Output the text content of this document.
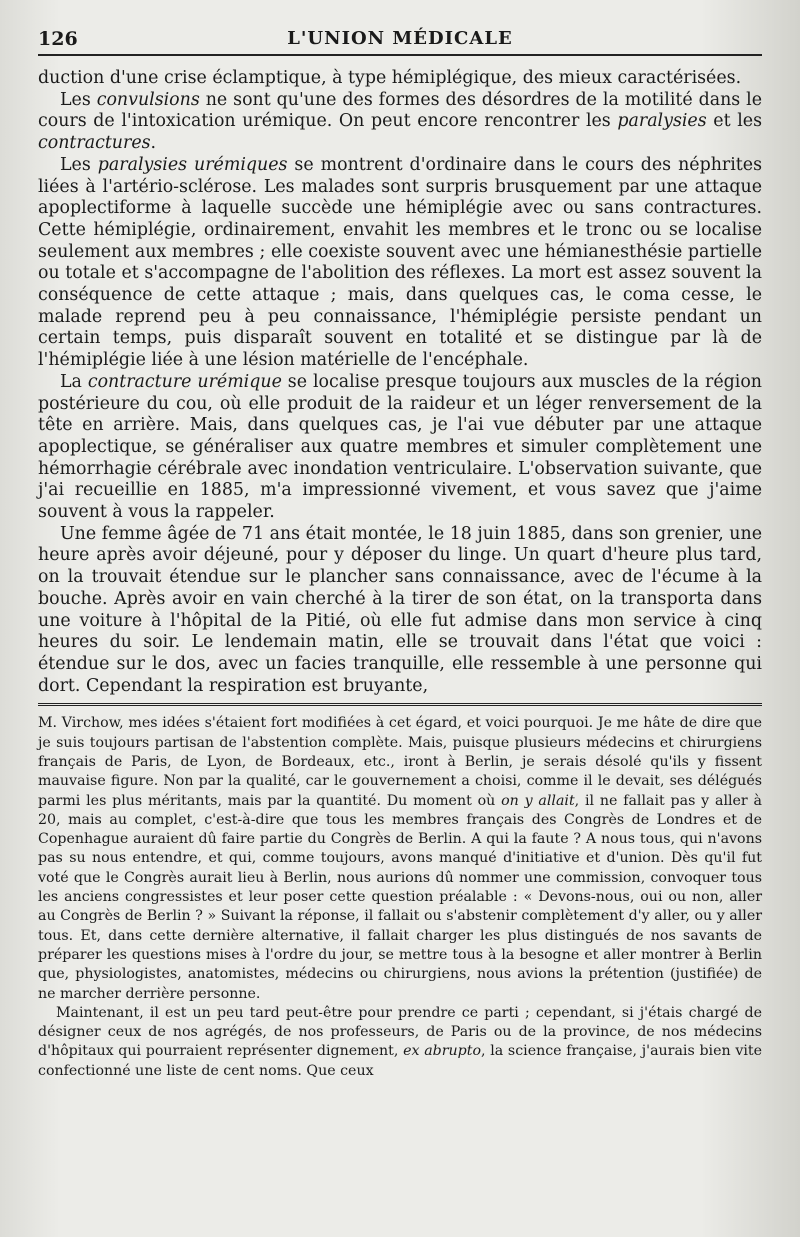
126	L'UNION MÉDICALE

duction d'une crise éclamptique, à type hémiplégique, des mieux caractérisées.

Les convulsions ne sont qu'une des formes des désordres de la motilité dans le cours de l'intoxication urémique. On peut encore rencontrer les paralysies et les contractures.

Les paralysies urémiques se montrent d'ordinaire dans le cours des néphrites liées à l'artério-sclérose. Les malades sont surpris brusquement par une attaque apoplectiforme à laquelle succède une hémiplégie avec ou sans contractures. Cette hémiplégie, ordinairement, envahit les membres et le tronc ou se localise seulement aux membres ; elle coexiste souvent avec une hémianesthésie partielle ou totale et s'accompagne de l'abolition des réflexes. La mort est assez souvent la conséquence de cette attaque ; mais, dans quelques cas, le coma cesse, le malade reprend peu à peu connaissance, l'hémiplégie persiste pendant un certain temps, puis disparaît souvent en totalité et se distingue par là de l'hémiplégie liée à une lésion matérielle de l'encéphale.

La contracture urémique se localise presque toujours aux muscles de la région postérieure du cou, où elle produit de la raideur et un léger renversement de la tête en arrière. Mais, dans quelques cas, je l'ai vue débuter par une attaque apoplectique, se généraliser aux quatre membres et simuler complètement une hémorrhagie cérébrale avec inondation ventriculaire. L'observation suivante, que j'ai recueillie en 1885, m'a impressionné vivement, et vous savez que j'aime souvent à vous la rappeler.

Une femme âgée de 71 ans était montée, le 18 juin 1885, dans son grenier, une heure après avoir déjeuné, pour y déposer du linge. Un quart d'heure plus tard, on la trouvait étendue sur le plancher sans connaissance, avec de l'écume à la bouche. Après avoir en vain cherché à la tirer de son état, on la transporta dans une voiture à l'hôpital de la Pitié, où elle fut admise dans mon service à cinq heures du soir. Le lendemain matin, elle se trouvait dans l'état que voici : étendue sur le dos, avec un facies tranquille, elle ressemble à une personne qui dort. Cependant la respiration est bruyante,

M. Virchow, mes idées s'étaient fort modifiées à cet égard, et voici pourquoi. Je me hâte de dire que je suis toujours partisan de l'abstention complète. Mais, puisque plusieurs médecins et chirurgiens français de Paris, de Lyon, de Bordeaux, etc., iront à Berlin, je serais désolé qu'ils y fissent mauvaise figure. Non par la qualité, car le gouvernement a choisi, comme il le devait, ses délégués parmi les plus méritants, mais par la quantité. Du moment où on y allait, il ne fallait pas y aller à 20, mais au complet, c'est-à-dire que tous les membres français des Congrès de Londres et de Copenhague auraient dû faire partie du Congrès de Berlin. A qui la faute ? A nous tous, qui n'avons pas su nous entendre, et qui, comme toujours, avons manqué d'initiative et d'union. Dès qu'il fut voté que le Congrès aurait lieu à Berlin, nous aurions dû nommer une commission, convoquer tous les anciens congressistes et leur poser cette question préalable : « Devons-nous, oui ou non, aller au Congrès de Berlin ? » Suivant la réponse, il fallait ou s'abstenir complètement d'y aller, ou y aller tous. Et, dans cette dernière alternative, il fallait charger les plus distingués de nos savants de préparer les questions mises à l'ordre du jour, se mettre tous à la besogne et aller montrer à Berlin que, physiologistes, anatomistes, médecins ou chirurgiens, nous avions la prétention (justifiée) de ne marcher derrière personne.

Maintenant, il est un peu tard peut-être pour prendre ce parti ; cependant, si j'étais chargé de désigner ceux de nos agrégés, de nos professeurs, de Paris ou de la province, de nos médecins d'hôpitaux qui pourraient représenter dignement, ex abrupto, la science française, j'aurais bien vite confectionné une liste de cent noms. Que ceux
